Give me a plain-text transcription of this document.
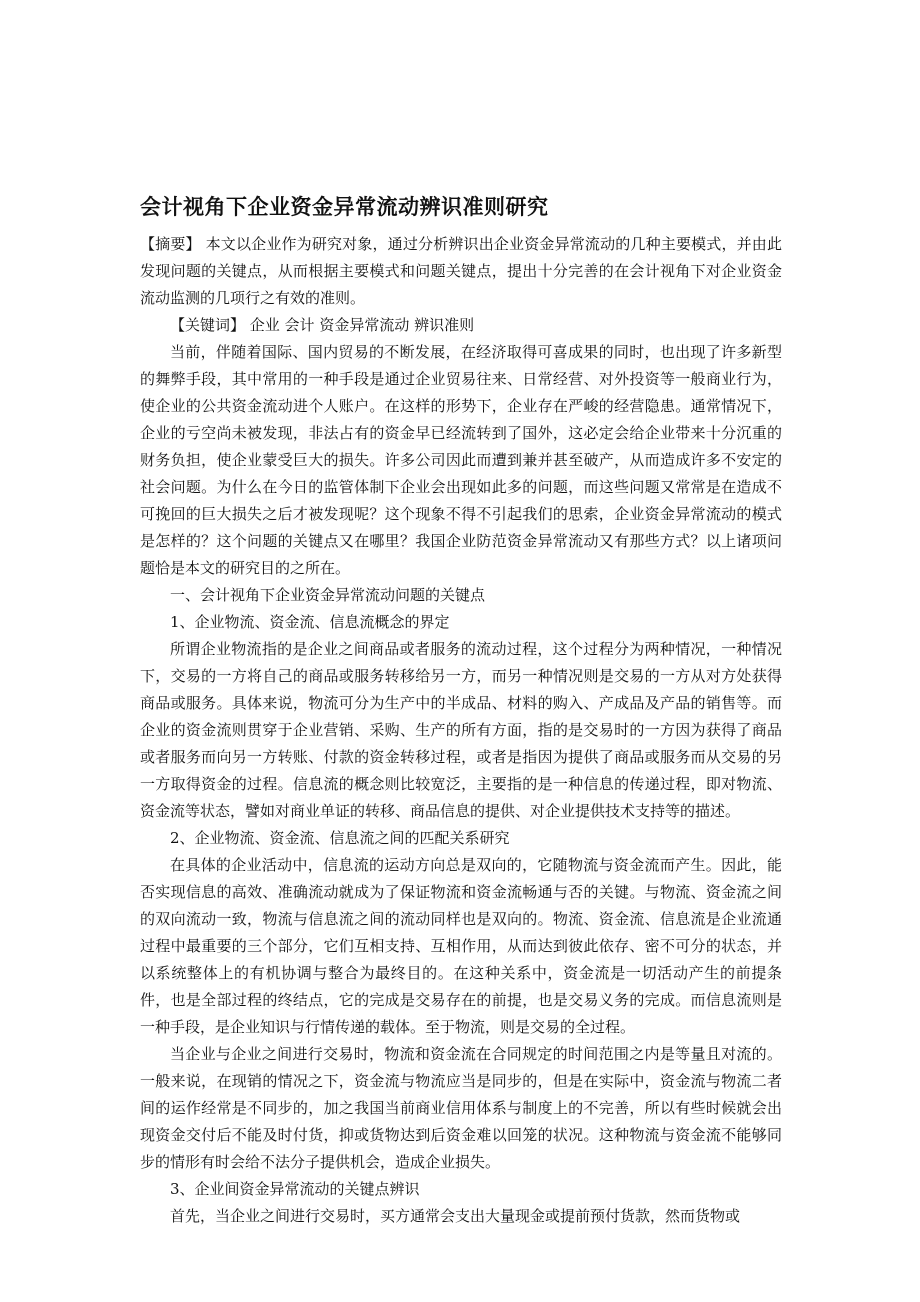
会计视角下企业资金异常流动辨识准则研究

【摘要】 本文以企业作为研究对象，通过分析辨识出企业资金异常流动的几种主要模式，并由此发现问题的关键点，从而根据主要模式和问题关键点，提出十分完善的在会计视角下对企业资金流动监测的几项行之有效的准则。

【关键词】 企业 会计 资金异常流动 辨识准则

当前，伴随着国际、国内贸易的不断发展，在经济取得可喜成果的同时，也出现了许多新型的舞弊手段，其中常用的一种手段是通过企业贸易往来、日常经营、对外投资等一般商业行为，使企业的公共资金流动进个人账户。在这样的形势下，企业存在严峻的经营隐患。通常情况下，企业的亏空尚未被发现，非法占有的资金早已经流转到了国外，这必定会给企业带来十分沉重的财务负担，使企业蒙受巨大的损失。许多公司因此而遭到兼并甚至破产，从而造成许多不安定的社会问题。为什么在今日的监管体制下企业会出现如此多的问题，而这些问题又常常是在造成不可挽回的巨大损失之后才被发现呢？这个现象不得不引起我们的思索，企业资金异常流动的模式是怎样的？这个问题的关键点又在哪里？我国企业防范资金异常流动又有那些方式？以上诸项问题恰是本文的研究目的之所在。

一、会计视角下企业资金异常流动问题的关键点

1、企业物流、资金流、信息流概念的界定

所谓企业物流指的是企业之间商品或者服务的流动过程，这个过程分为两种情况，一种情况下，交易的一方将自己的商品或服务转移给另一方，而另一种情况则是交易的一方从对方处获得商品或服务。具体来说，物流可分为生产中的半成品、材料的购入、产成品及产品的销售等。而企业的资金流则贯穿于企业营销、采购、生产的所有方面，指的是交易时的一方因为获得了商品或者服务而向另一方转账、付款的资金转移过程，或者是指因为提供了商品或服务而从交易的另一方取得资金的过程。信息流的概念则比较宽泛，主要指的是一种信息的传递过程，即对物流、资金流等状态，譬如对商业单证的转移、商品信息的提供、对企业提供技术支持等的描述。

2、企业物流、资金流、信息流之间的匹配关系研究

在具体的企业活动中，信息流的运动方向总是双向的，它随物流与资金流而产生。因此，能否实现信息的高效、准确流动就成为了保证物流和资金流畅通与否的关键。与物流、资金流之间的双向流动一致，物流与信息流之间的流动同样也是双向的。物流、资金流、信息流是企业流通过程中最重要的三个部分，它们互相支持、互相作用，从而达到彼此依存、密不可分的状态，并以系统整体上的有机协调与整合为最终目的。在这种关系中，资金流是一切活动产生的前提条件，也是全部过程的终结点，它的完成是交易存在的前提，也是交易义务的完成。而信息流则是一种手段，是企业知识与行情传递的载体。至于物流，则是交易的全过程。

当企业与企业之间进行交易时，物流和资金流在合同规定的时间范围之内是等量且对流的。一般来说，在现销的情况之下，资金流与物流应当是同步的，但是在实际中，资金流与物流二者间的运作经常是不同步的，加之我国当前商业信用体系与制度上的不完善，所以有些时候就会出现资金交付后不能及时付货，抑或货物达到后资金难以回笼的状况。这种物流与资金流不能够同步的情形有时会给不法分子提供机会，造成企业损失。

3、企业间资金异常流动的关键点辨识

首先，当企业之间进行交易时，买方通常会支出大量现金或提前预付货款，然而货物或
